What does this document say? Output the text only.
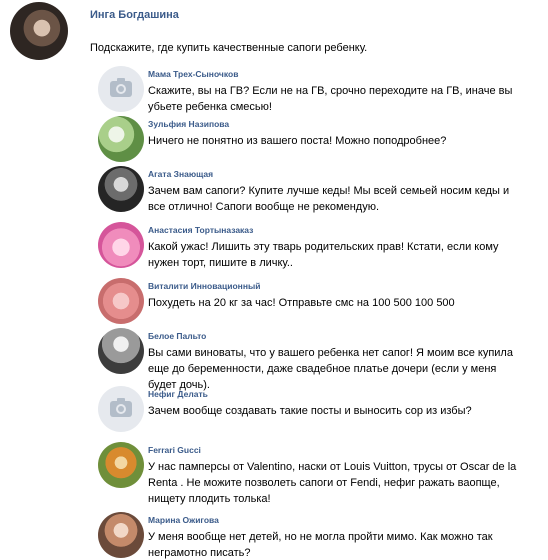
Инга Богдашина
Подскажите, где купить качественные сапоги ребенку.
Мама Трех-Сыночков
Скажите, вы на ГВ? Если не на ГВ, срочно переходите на ГВ, иначе вы убьете ребенка смесью!
Зульфия Назипова
Ничего не понятно из вашего поста! Можно поподробнее?
Агата Знающая
Зачем вам сапоги? Купите лучше кеды! Мы всей семьей носим кеды и все отлично! Сапоги вообще не рекомендую.
Анастасия Тортыназаказ
Какой ужас! Лишить эту тварь родительских прав! Кстати, если кому нужен торт, пишите в личку..
Виталити Инновационный
Похудеть на 20 кг за час! Отправьте смс на 100 500 100 500
Белое Пальто
Вы сами виноваты, что у вашего ребенка нет сапог! Я моим все купила еще до беременности, даже свадебное платье дочери (если у меня будет дочь).
Нефиг Делать
Зачем вообще создавать такие посты и выносить сор из избы?
Ferrari Gucci
У нас памперсы от Valentino, наски от Louis Vuitton, трусы от Oscar de la Renta . Не можите позволеть сапоги от Fendi, нефиг ражать ваопще, нищету плодить толька!
Марина Ожигова
У меня вообще нет детей, но не могла пройти мимо. Как можно так негрaмотно писать?
